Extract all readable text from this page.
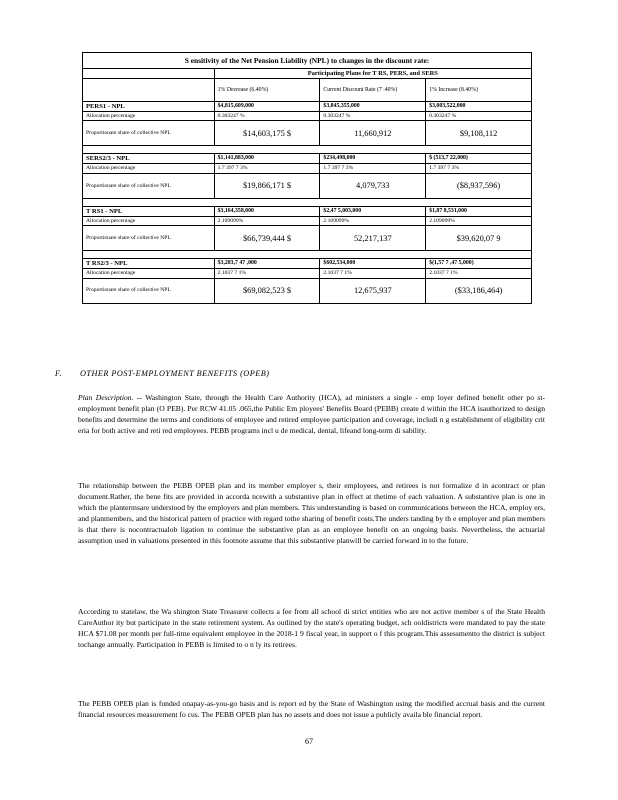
S ensitivity of the Net Pension Liability (NPL) to changes in the discount rate:			
	Participating Plans for T RS, PERS, and SERS		
	1% Decrease (6.40%)	Current Discount Rate (7 .40%)	1% Increase (8.40%)
PERS1 - NPL	$4,815,609,000	$3,845,355,000	$3,003,522,000
Allocation percentage	0.303247 %	0.303247 %	0.303247 %
Proportionate share of collective NPL	$14,603,175 $	11,660,912	$9,108,112

SERS2/3 - NPL	$1,141,883,000	$234,498,000	$ (513,7 22,000)
Allocation percentage	1.7 397 7 3%	1.7 397 7 3%	1.7 397 7 3%
Proportionate share of collective NPL	$19,866,171 $	4,079,733	($8,937,596)

T RS1 - NPL	$3,164,358,000	$2,47 5,003,000	$1,87 8,531,000
Allocation percentage	2.109099%	2.109099%	2.109099%
Proportionate share of collective NPL	$66,739,444 $	52,217,137	$39,620,07 9

T RS2/3 - NPL	$3,283,7 47 ,000	$602,534,000	$(1,57 7 ,47 5,000)
Allocation percentage	2.1037 7 1%	2.1037 7 1%	2.1037 7 1%
Proportionate share of collective NPL	$69,082,523 $	12,675,937	($33,186,464)
F. OTHER POST-EMPLOYMENT BENEFITS (OPEB)

Plan Description. -- Washington State, through the Health Care Authority (HCA), ad ministers a single - emp loyer defined benefit other po st-employment benefit plan (O PEB). Per RCW 41.05 .065,the Public Em ployees' Benefits Board (PEBB) create d within the HCA isauthorized to design benefits and determine the terms and conditions of employee and retired employee participation and coverage, includi n g establishment of eligibility crit eria for both active and reti red employees. PEBB programs incl u de medical, dental, lifeand long-term di sability.

The relationship between the PEBB OPEB plan and its member employer s, their employees, and retirees is not formalize d in acontract or plan document.Rather, the bene fits are provided in accorda ncewith a substantive plan in effect at thetime of each valuation. A substantive plan is one in which the plantermsare understood by the employers and plan members. This understanding is based on communications between the HCA, employ ers, and planmembers, and the historical pattern of practice with regard tothe sharing of benefit costs.The unders tanding by th e employer and plan members is that there is nocontractualob ligation to continue the substantive plan as an employee benefit on an ongoing basis. Nevertheless, the actuarial assumption used in valuations presented in this footnote assume that this substantive planwill be carried forward in to the future.

According to statelaw, the Wa shington State Treasurer collects a fee from all school di strict entities who are not active member s of the State Health CareAuthor ity but participate in the state retirement system. As outlined by the state's operating budget, sch ooldistricts were mandated to pay the state HCA $71.08 per month per full-time equivalent employee in the 2018-1 9 fiscal year, in support o f this program.This assessmentto the district is subject tochange annually. Participation in PEBB is limited to o n ly its retirees.

The PEBB OPEB plan is funded onapay-as-you-go basis and is report ed by the State of Washington using the modified accrual basis and the current financial resources measurement fo cus. The PEBB OPEB plan has no assets and does not issue a publicly availa ble financial report.

67
